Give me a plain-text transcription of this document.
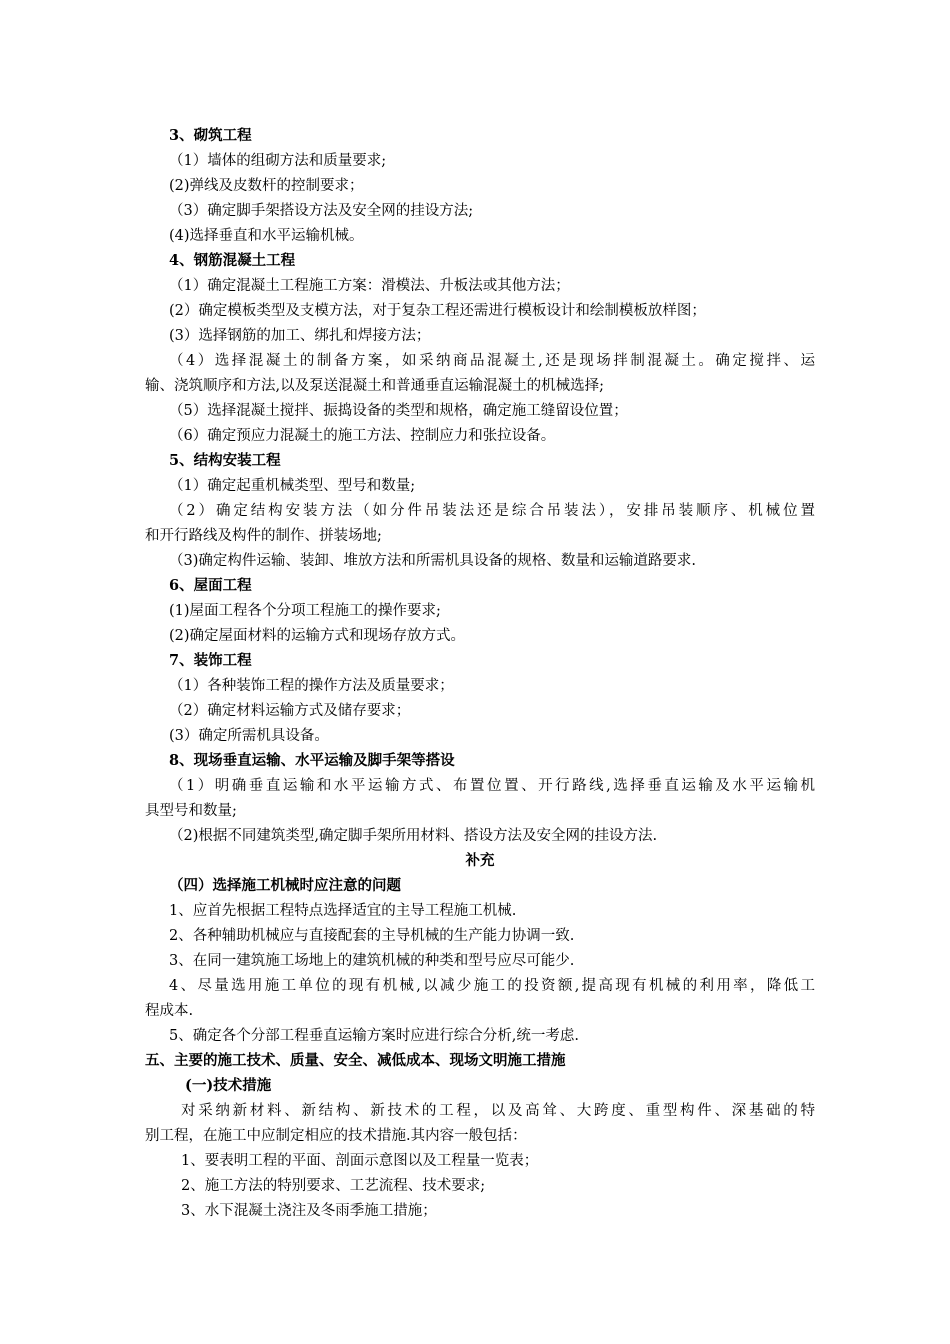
3、砌筑工程
（1）墙体的组砌方法和质量要求;
(2)弹线及皮数杆的控制要求；
（3）确定脚手架搭设方法及安全网的挂设方法;
(4)选择垂直和水平运输机械。
4、钢筋混凝土工程
（1）确定混凝土工程施工方案：滑模法、升板法或其他方法；
(2）确定模板类型及支模方法，对于复杂工程还需进行模板设计和绘制模板放样图；
(3）选择钢筋的加工、绑扎和焊接方法；
（4）选择混凝土的制备方案，如采纳商品混凝土,还是现场拌制混凝土。确定搅拌、运
输、浇筑顺序和方法,以及泵送混凝土和普通垂直运输混凝土的机械选择;
（5）选择混凝土搅拌、振捣设备的类型和规格，确定施工缝留设位置；
（6）确定预应力混凝土的施工方法、控制应力和张拉设备。
5、结构安装工程
（1）确定起重机械类型、型号和数量;
（2）确定结构安装方法（如分件吊装法还是综合吊装法），安排吊装顺序、机械位置
和开行路线及构件的制作、拼装场地;
（3)确定构件运输、装卸、堆放方法和所需机具设备的规格、数量和运输道路要求.
6、屋面工程
(1)屋面工程各个分项工程施工的操作要求;
(2)确定屋面材料的运输方式和现场存放方式。
7、装饰工程
（1）各种装饰工程的操作方法及质量要求；
（2）确定材料运输方式及储存要求；
(3）确定所需机具设备。
8、现场垂直运输、水平运输及脚手架等搭设
（1）明确垂直运输和水平运输方式、布置位置、开行路线,选择垂直运输及水平运输机
具型号和数量;
（2)根据不同建筑类型,确定脚手架所用材料、搭设方法及安全网的挂设方法.
补充
（四）选择施工机械时应注意的问题
1、应首先根据工程特点选择适宜的主导工程施工机械.
2、各种辅助机械应与直接配套的主导机械的生产能力协调一致.
3、在同一建筑施工场地上的建筑机械的种类和型号应尽可能少.
4、尽量选用施工单位的现有机械,以减少施工的投资额,提高现有机械的利用率，降低工
程成本.
5、确定各个分部工程垂直运输方案时应进行综合分析,统一考虑.
五、主要的施工技术、质量、安全、减低成本、现场文明施工措施
(一)技术措施
对采纳新材料、新结构、新技术的工程，以及高耸、大跨度、重型构件、深基础的特
别工程，在施工中应制定相应的技术措施.其内容一般包括：
1、要表明工程的平面、剖面示意图以及工程量一览表；
2、施工方法的特别要求、工艺流程、技术要求;
3、水下混凝土浇注及冬雨季施工措施；
